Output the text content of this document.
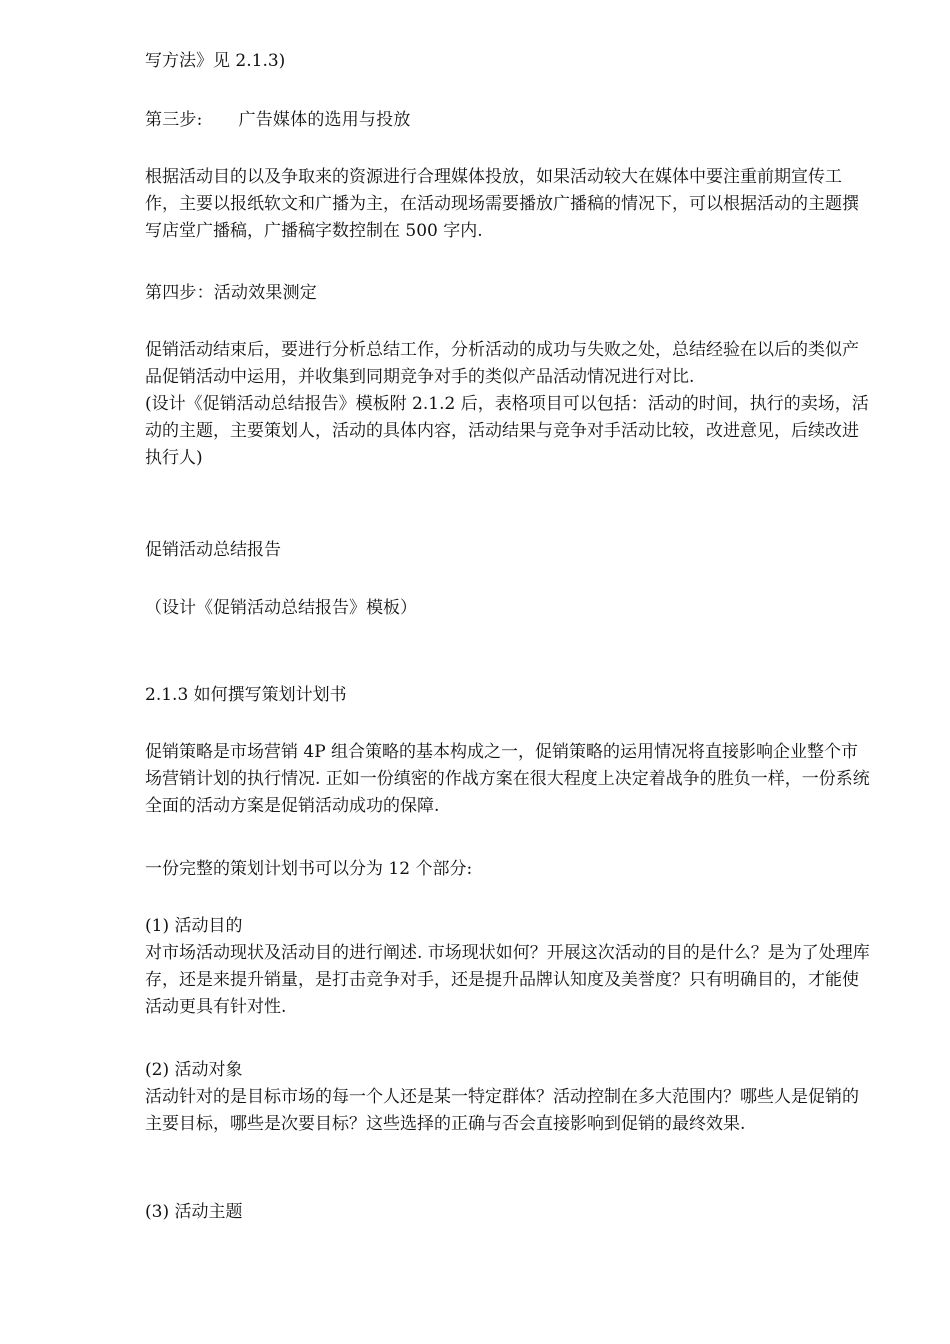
写方法》见 2.1.3)
第三步: 广告媒体的选用与投放
根据活动目的以及争取来的资源进行合理媒体投放，如果活动较大在媒体中要注重前期宣传工作，主要以报纸软文和广播为主，在活动现场需要播放广播稿的情况下，可以根据活动的主题撰写店堂广播稿，广播稿字数控制在 500 字内.
第四步：活动效果测定
促销活动结束后，要进行分析总结工作，分析活动的成功与失败之处，总结经验在以后的类似产品促销活动中运用，并收集到同期竞争对手的类似产品活动情况进行对比.
(设计《促销活动总结报告》模板附 2.1.2 后，表格项目可以包括：活动的时间，执行的卖场，活动的主题，主要策划人，活动的具体内容，活动结果与竞争对手活动比较，改进意见，后续改进执行人)
促销活动总结报告
（设计《促销活动总结报告》模板）
2.1.3 如何撰写策划计划书
促销策略是市场营销 4P 组合策略的基本构成之一，促销策略的运用情况将直接影响企业整个市场营销计划的执行情况. 正如一份缜密的作战方案在很大程度上决定着战争的胜负一样，一份系统全面的活动方案是促销活动成功的保障.
一份完整的策划计划书可以分为 12 个部分:
(1) 活动目的
对市场活动现状及活动目的进行阐述. 市场现状如何？开展这次活动的目的是什么？是为了处理库存，还是来提升销量，是打击竞争对手，还是提升品牌认知度及美誉度？只有明确目的，才能使活动更具有针对性.
(2) 活动对象
活动针对的是目标市场的每一个人还是某一特定群体？活动控制在多大范围内？哪些人是促销的主要目标，哪些是次要目标？这些选择的正确与否会直接影响到促销的最终效果.
(3) 活动主题
